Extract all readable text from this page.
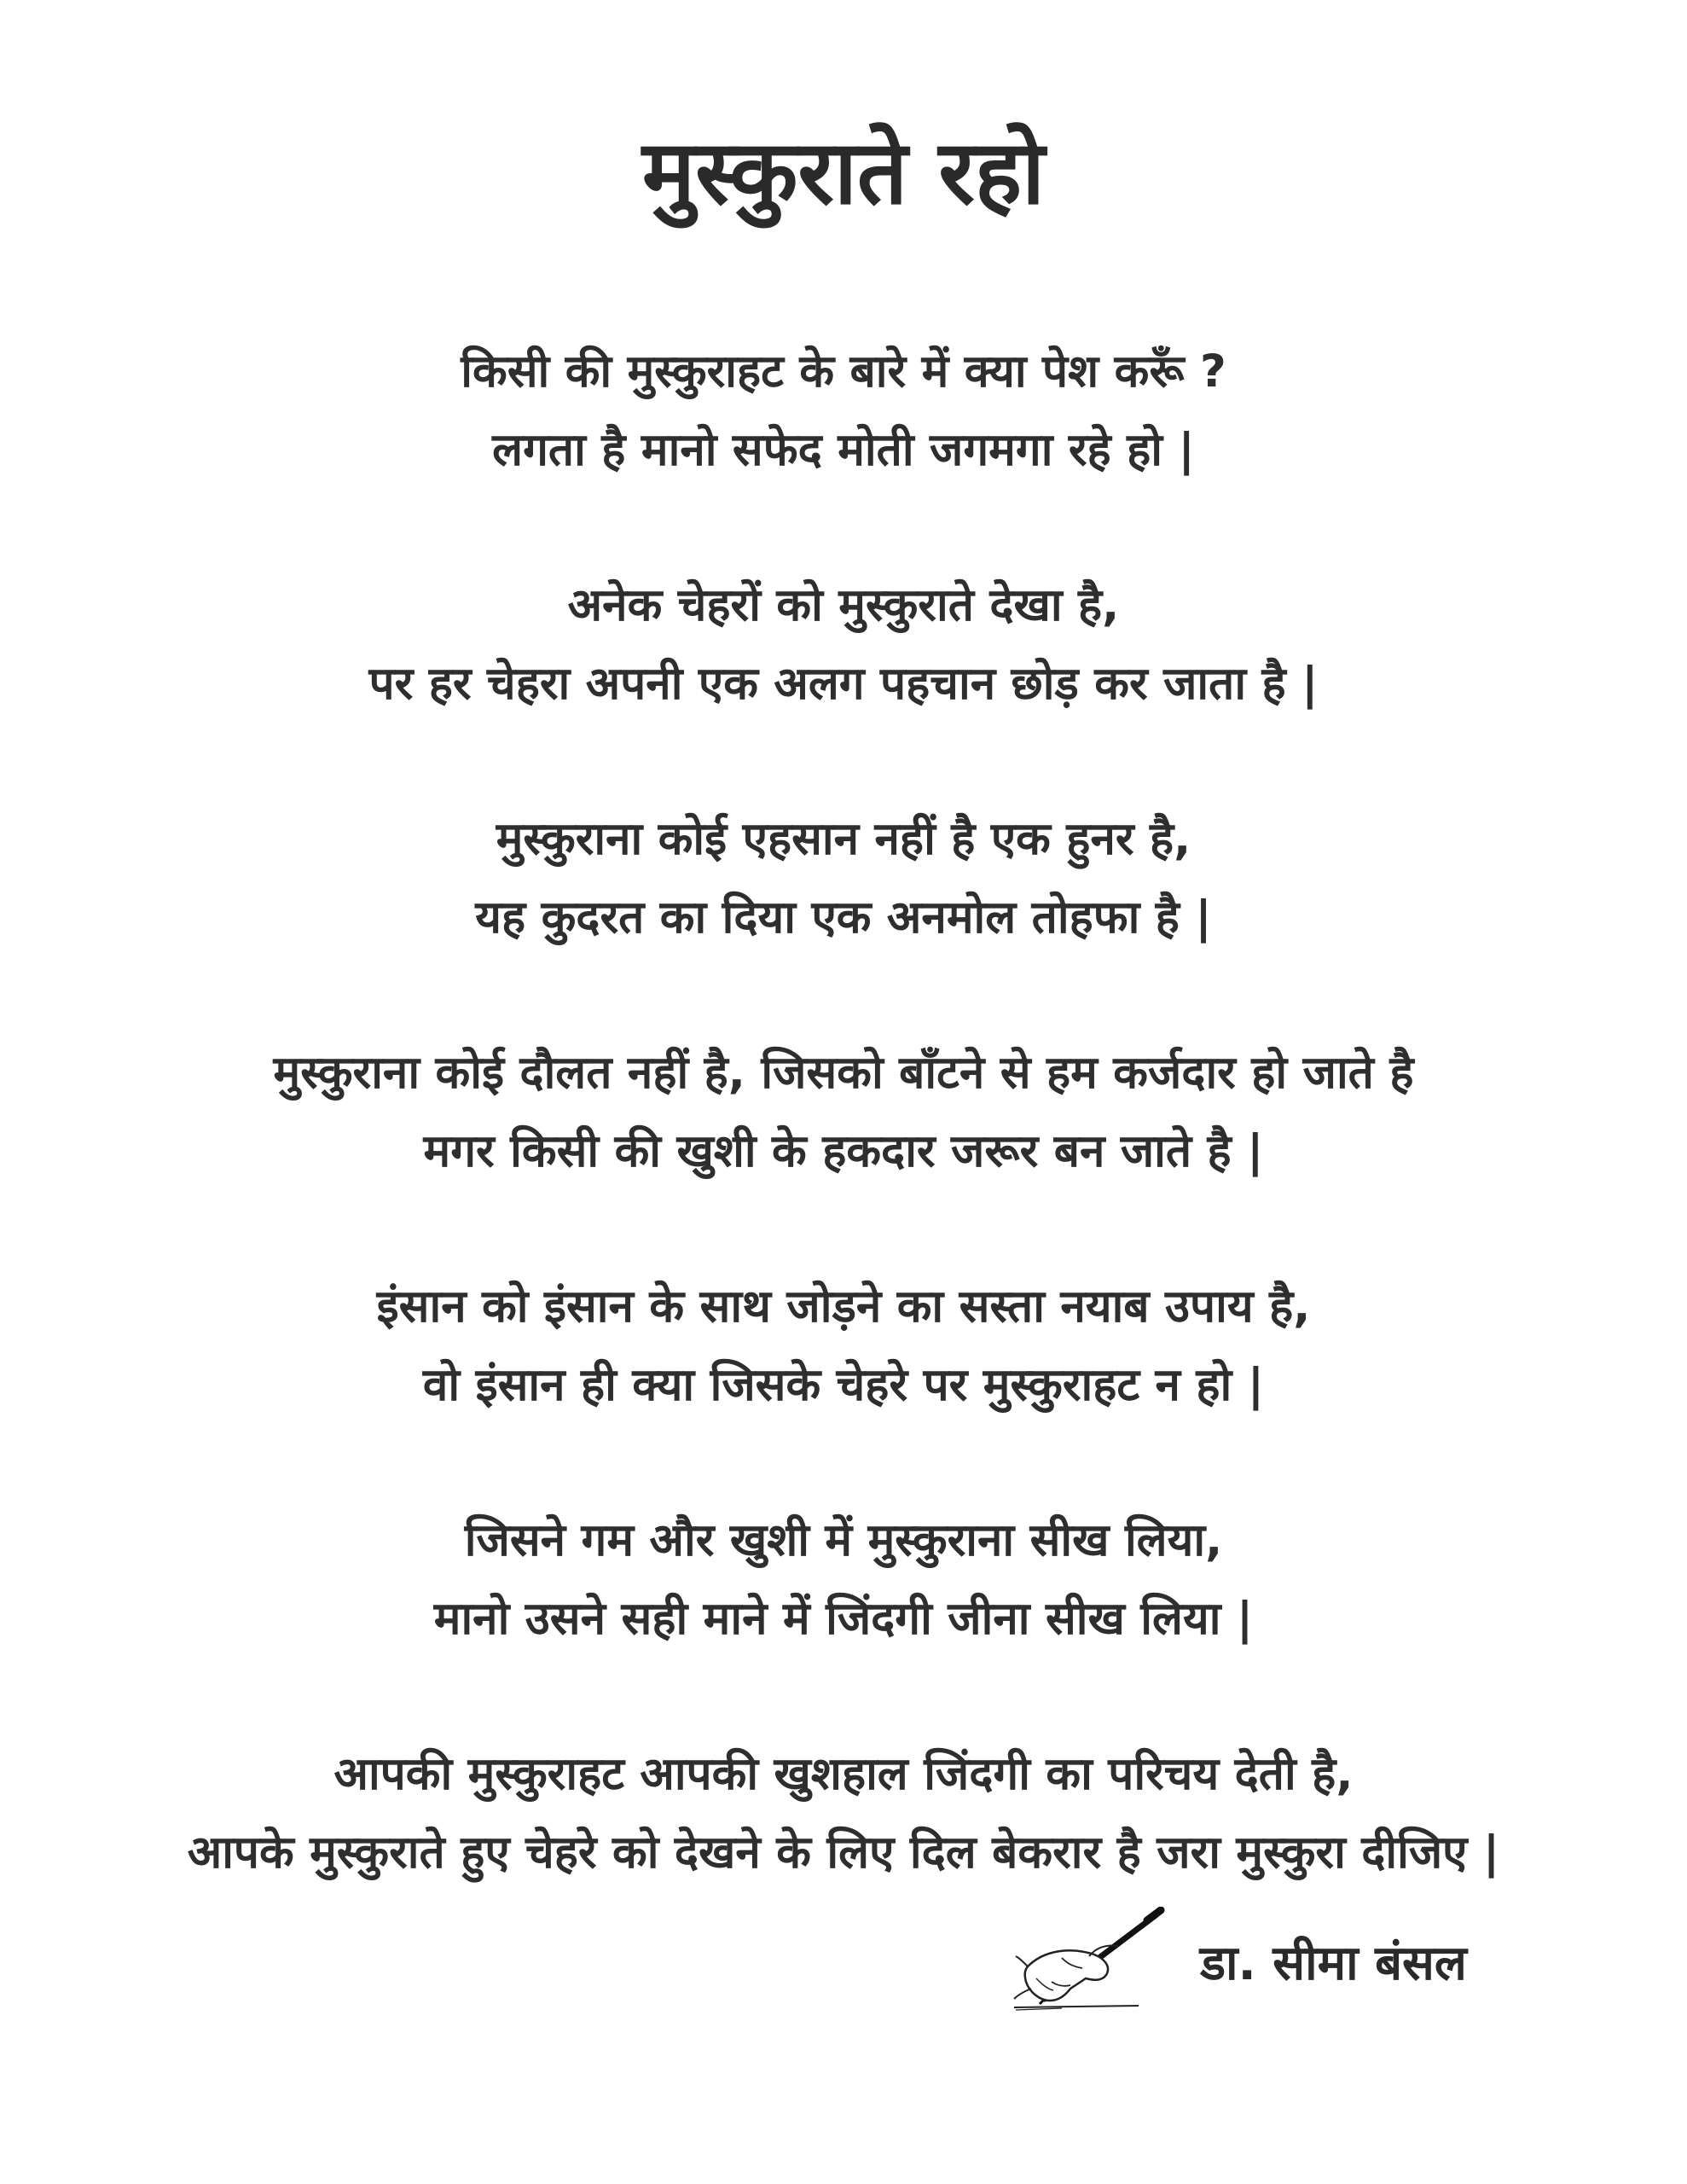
मुस्कुराते रहो
किसी की मुस्कुराहट के बारे में क्या पेश करूँ ?
लगता है मानो सफेद मोती जगमगा रहे हो |
अनेक चेहरों को मुस्कुराते देखा है,
पर हर चेहरा अपनी एक अलग पहचान छोड़ कर जाता है |
मुस्कुराना कोई एहसान नहीं है एक हुनर है,
यह कुदरत का दिया एक अनमोल तोहफा है |
मुस्कुराना कोई दौलत नहीं है, जिसको बाँटने से हम कर्जदार हो जाते है
मगर किसी की खुशी के हकदार जरूर बन जाते है |
इंसान को इंसान के साथ जोड़ने का सस्ता नयाब उपाय है,
वो इंसान ही क्या जिसके चेहरे पर मुस्कुराहट न हो |
जिसने गम और खुशी में मुस्कुराना सीख लिया,
मानो उसने सही माने में जिंदगी जीना सीख लिया |
आपकी मुस्कुराहट आपकी खुशहाल जिंदगी का परिचय देती है,
आपके मुस्कुराते हुए चेहरे को देखने के लिए दिल बेकरार है जरा मुस्कुरा दीजिए |
डा. सीमा बंसल
